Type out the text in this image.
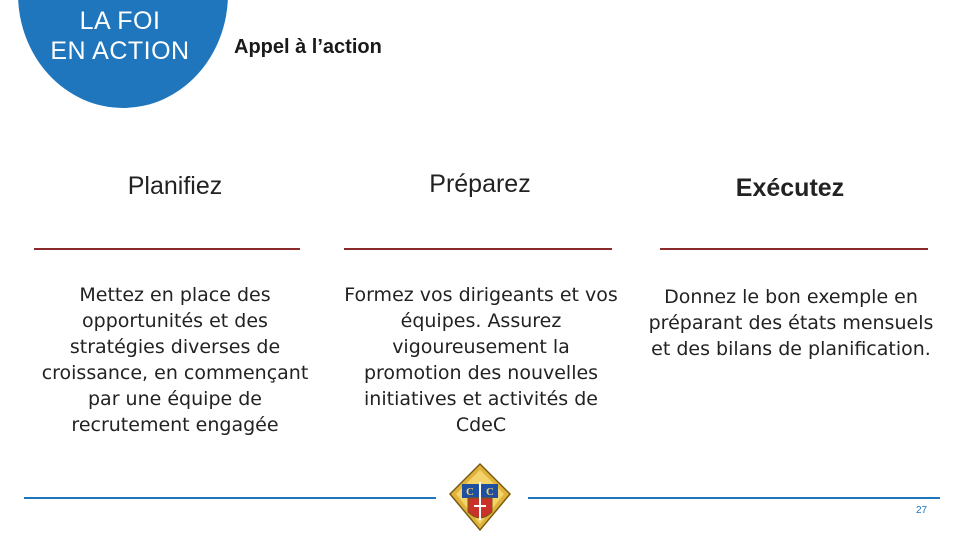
LA FOI
EN ACTION	Appel à l’action
Planifiez
Mettez en place des opportunités et des stratégies diverses de croissance, en commençant par une équipe de recrutement engagée
Préparez
Formez vos dirigeants et vos équipes. Assurez vigoureusement la promotion des nouvelles initiatives et activités de CdeC
Exécutez
Donnez le bon exemple en préparant des états mensuels et des bilans de planification.
C C
27
